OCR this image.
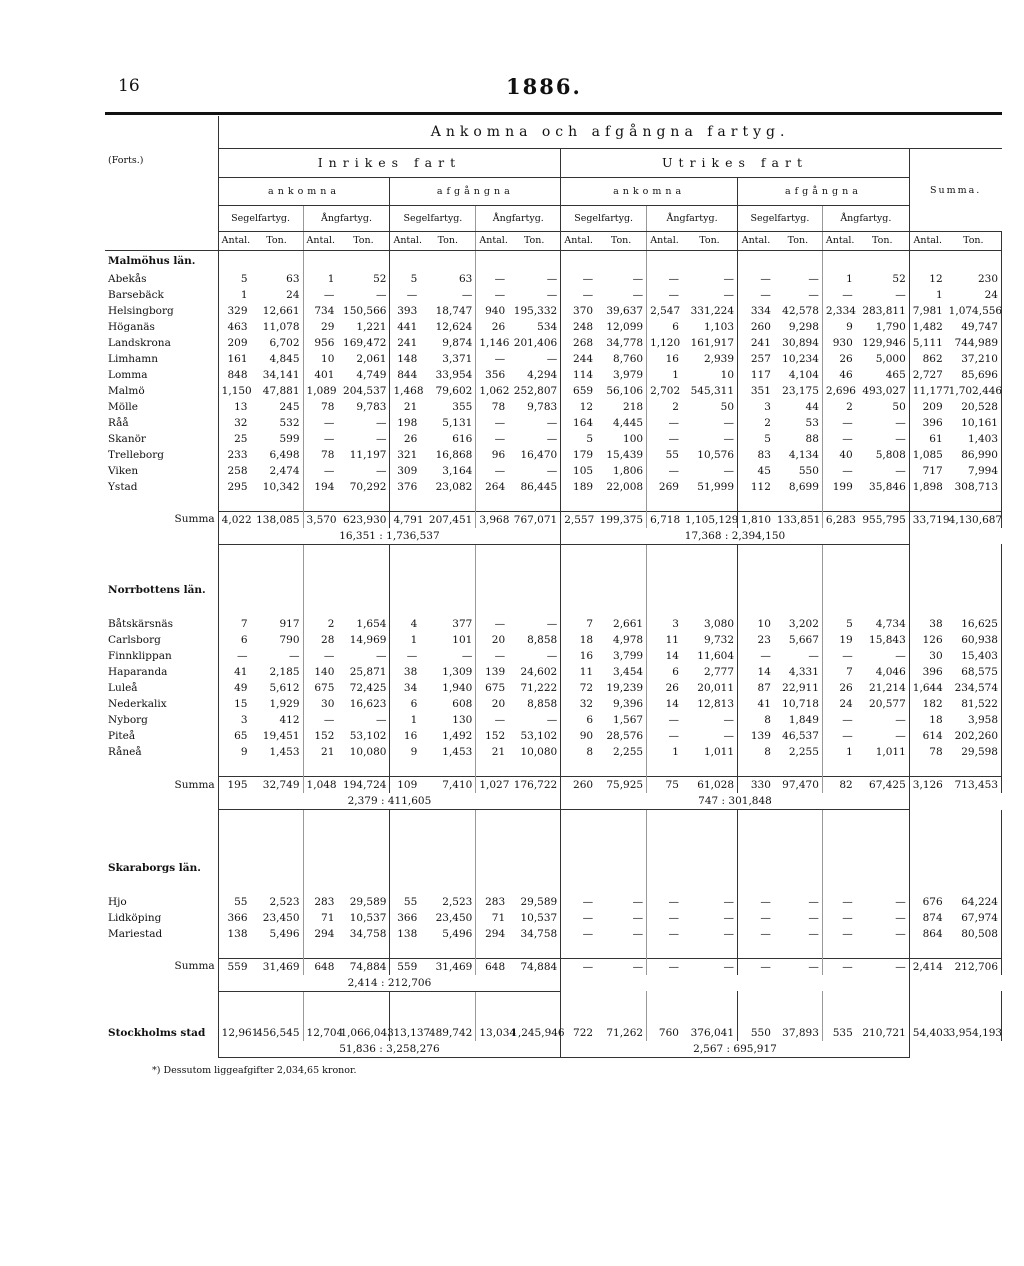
16	1886.
(Forts.)	Ankomna och afgångna fartyg.																	
	Inrikes fart								Utrikes fart								Summa.	
	ankomna				afgångna				ankomna				afgångna					
	Segelfartyg.		Ångfartyg.		Segelfartyg.		Ångfartyg.		Segelfartyg.		Ångfartyg.		Segelfartyg.		Ångfartyg.			
	Antal.	Ton.	Antal.	Ton.	Antal.	Ton.	Antal.	Ton.	Antal.	Ton.	Antal.	Ton.	Antal.	Ton.	Antal.	Ton.	Antal.	Ton.
Malmöhus län.																		
Abekås	5	63	1	52	5	63	—	—	—	—	—	—	—	—	1	52	12	230
Barsebäck	1	24	—	—	—	—	—	—	—	—	—	—	—	—	—	—	1	24
Helsingborg	329	12,661	734	150,566	393	18,747	940	195,332	370	39,637	2,547	331,224	334	42,578	2,334	283,811	7,981	1,074,556
Höganäs	463	11,078	29	1,221	441	12,624	26	534	248	12,099	6	1,103	260	9,298	9	1,790	1,482	49,747
Landskrona	209	6,702	956	169,472	241	9,874	1,146	201,406	268	34,778	1,120	161,917	241	30,894	930	129,946	5,111	744,989
Limhamn	161	4,845	10	2,061	148	3,371	—	—	244	8,760	16	2,939	257	10,234	26	5,000	862	37,210
Lomma	848	34,141	401	4,749	844	33,954	356	4,294	114	3,979	1	10	117	4,104	46	465	2,727	85,696
Malmö	1,150	47,881	1,089	204,537	1,468	79,602	1,062	252,807	659	56,106	2,702	545,311	351	23,175	2,696	493,027	11,177	1,702,446
Mölle	13	245	78	9,783	21	355	78	9,783	12	218	2	50	3	44	2	50	209	20,528
Råå	32	532	—	—	198	5,131	—	—	164	4,445	—	—	2	53	—	—	396	10,161
Skanör	25	599	—	—	26	616	—	—	5	100	—	—	5	88	—	—	61	1,403
Trelleborg	233	6,498	78	11,197	321	16,868	96	16,470	179	15,439	55	10,576	83	4,134	40	5,808	1,085	86,990
Viken	258	2,474	—	—	309	3,164	—	—	105	1,806	—	—	45	550	—	—	717	7,994
Ystad	295	10,342	194	70,292	376	23,082	264	86,445	189	22,008	269	51,999	112	8,699	199	35,846	1,898	308,713

Summa	4,022	138,085	3,570	623,930	4,791	207,451	3,968	767,071	2,557	199,375	6,718	1,105,129	1,810	133,851	6,283	955,795	33,719	4,130,687
	16,351 : 1,736,537								17,368 : 2,394,150									

Norrbottens län.																		

Båtskärsnäs	7	917	2	1,654	4	377	—	—	7	2,661	3	3,080	10	3,202	5	4,734	38	16,625
Carlsborg	6	790	28	14,969	1	101	20	8,858	18	4,978	11	9,732	23	5,667	19	15,843	126	60,938
Finnklippan	—	—	—	—	—	—	—	—	16	3,799	14	11,604	—	—	—	—	30	15,403
Haparanda	41	2,185	140	25,871	38	1,309	139	24,602	11	3,454	6	2,777	14	4,331	7	4,046	396	68,575
Luleå	49	5,612	675	72,425	34	1,940	675	71,222	72	19,239	26	20,011	87	22,911	26	21,214	1,644	234,574
Nederkalix	15	1,929	30	16,623	6	608	20	8,858	32	9,396	14	12,813	41	10,718	24	20,577	182	81,522
Nyborg	3	412	—	—	1	130	—	—	6	1,567	—	—	8	1,849	—	—	18	3,958
Piteå	65	19,451	152	53,102	16	1,492	152	53,102	90	28,576	—	—	139	46,537	—	—	614	202,260
Råneå	9	1,453	21	10,080	9	1,453	21	10,080	8	2,255	1	1,011	8	2,255	1	1,011	78	29,598

Summa	195	32,749	1,048	194,724	109	7,410	1,027	176,722	260	75,925	75	61,028	330	97,470	82	67,425	3,126	713,453
	2,379 : 411,605								747 : 301,848									

Skaraborgs län.																		

Hjo	55	2,523	283	29,589	55	2,523	283	29,589	—	—	—	—	—	—	—	—	676	64,224
Lidköping	366	23,450	71	10,537	366	23,450	71	10,537	—	—	—	—	—	—	—	—	874	67,974
Mariestad	138	5,496	294	34,758	138	5,496	294	34,758	—	—	—	—	—	—	—	—	864	80,508

Summa	559	31,469	648	74,884	559	31,469	648	74,884	—	—	—	—	—	—	—	—	2,414	212,706
	2,414 : 212,706																	

Stockholms stad	12,961	456,545	12,704	1,066,043	13,137	489,742	13,034	1,245,946	722	71,262	760	376,041	550	37,893	535	210,721	54,403	3,954,193
	51,836 : 3,258,276								2,567 : 695,917									
*) Dessutom liggeafgifter 2,034,65 kronor.
